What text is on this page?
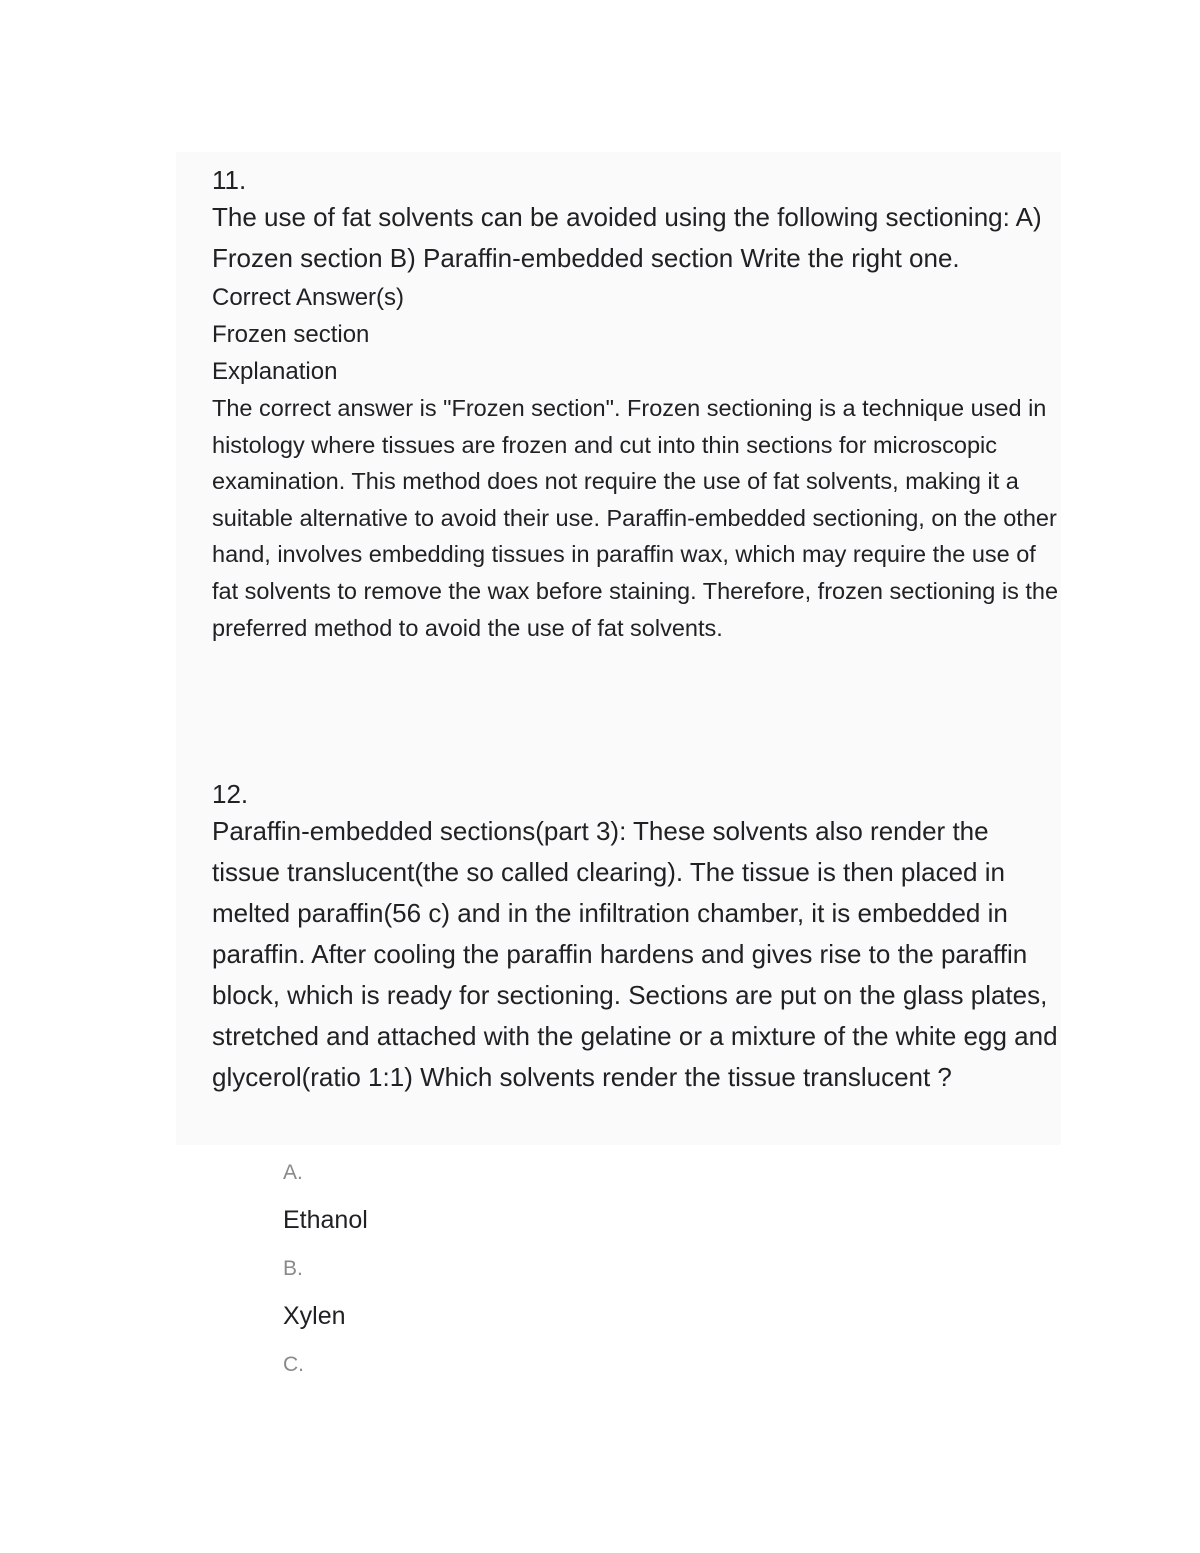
11.

The use of fat solvents can be avoided using the following sectioning: A) Frozen section B) Paraffin-embedded section Write the right one.

Correct Answer(s)

Frozen section

Explanation

The correct answer is "Frozen section". Frozen sectioning is a technique used in histology where tissues are frozen and cut into thin sections for microscopic examination. This method does not require the use of fat solvents, making it a suitable alternative to avoid their use. Paraffin-embedded sectioning, on the other hand, involves embedding tissues in paraffin wax, which may require the use of fat solvents to remove the wax before staining. Therefore, frozen sectioning is the preferred method to avoid the use of fat solvents.

12.

Paraffin-embedded sections(part 3): These solvents also render the tissue translucent(the so called clearing). The tissue is then placed in melted paraffin(56 c) and in the infiltration chamber, it is embedded in paraffin. After cooling the paraffin hardens and gives rise to the paraffin block, which is ready for sectioning. Sections are put on the glass plates, stretched and attached with the gelatine or a mixture of the white egg and glycerol(ratio 1:1) Which solvents render the tissue translucent ?

A.

Ethanol

B.

Xylen

C.
